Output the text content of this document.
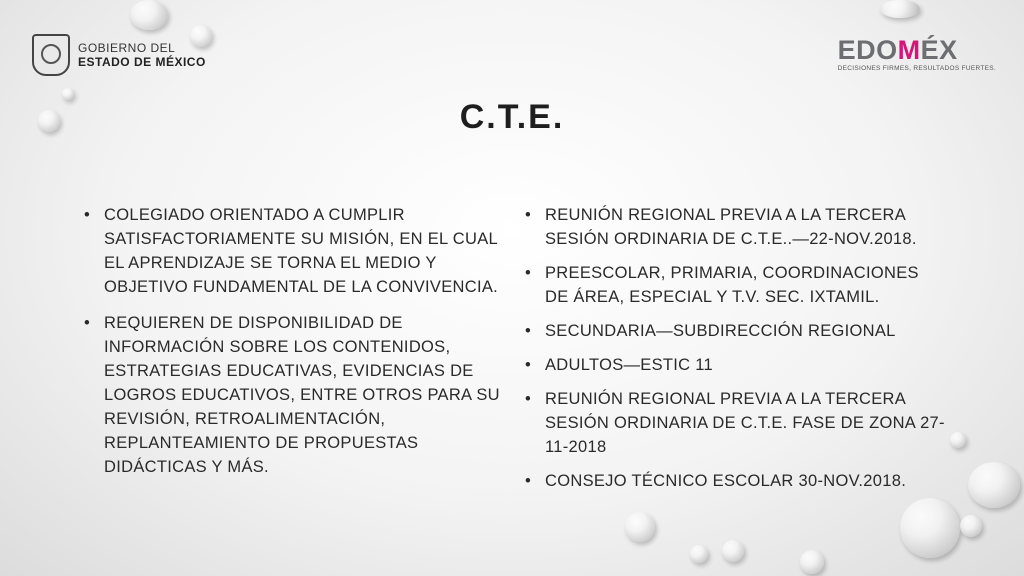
GOBIERNO DEL
ESTADO DE MÉXICO	EDOMÉX
DECISIONES FIRMES, RESULTADOS FUERTES.
C.T.E.
• COLEGIADO ORIENTADO A CUMPLIR SATISFACTORIAMENTE SU MISIÓN, EN EL CUAL EL APRENDIZAJE SE TORNA EL MEDIO Y OBJETIVO FUNDAMENTAL DE LA CONVIVENCIA.
• REQUIEREN DE DISPONIBILIDAD DE INFORMACIÓN SOBRE LOS CONTENIDOS, ESTRATEGIAS EDUCATIVAS, EVIDENCIAS DE LOGROS EDUCATIVOS, ENTRE OTROS PARA SU REVISIÓN, RETROALIMENTACIÓN, REPLANTEAMIENTO DE PROPUESTAS DIDÁCTICAS Y MÁS.
• REUNIÓN REGIONAL PREVIA A LA TERCERA SESIÓN ORDINARIA DE C.T.E..—22-NOV.2018.
• PREESCOLAR, PRIMARIA, COORDINACIONES DE ÁREA, ESPECIAL Y T.V. SEC. IXTAMIL.
• SECUNDARIA—SUBDIRECCIÓN REGIONAL
• ADULTOS—ESTIC 11
• REUNIÓN REGIONAL PREVIA A LA TERCERA SESIÓN ORDINARIA DE C.T.E. FASE DE ZONA 27-11-2018
• CONSEJO TÉCNICO ESCOLAR 30-NOV.2018.
